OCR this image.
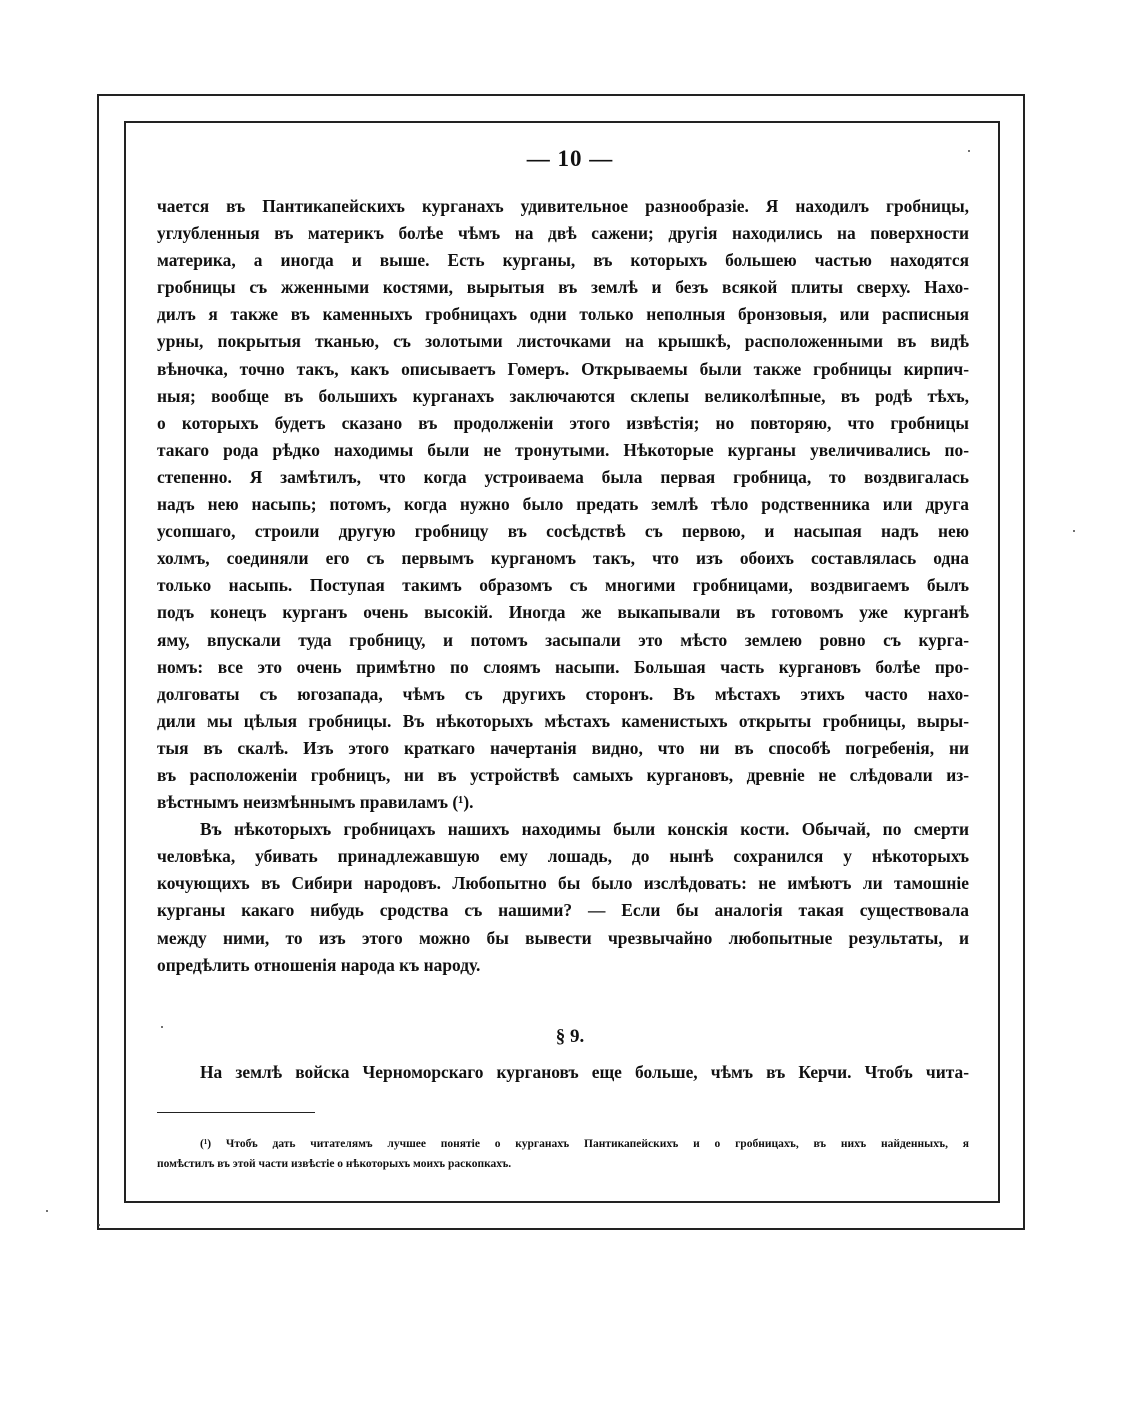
— 10 —
чается въ Пантикапейскихъ курганахъ удивительное разнообразіе. Я находилъ гробницы,
углубленныя въ материкъ болѣе чѣмъ на двѣ сажени; другія находились на поверхности
материка, а иногда и выше. Есть курганы, въ которыхъ большею частью находятся
гробницы съ жженными костями, вырытыя въ землѣ и безъ всякой плиты сверху. Нахо-
дилъ я также въ каменныхъ гробницахъ одни только неполныя бронзовыя, или расписныя
урны, покрытыя тканью, съ золотыми листочками на крышкѣ, расположенными въ видѣ
вѣночка, точно такъ, какъ описываетъ Гомеръ. Открываемы были также гробницы кирпич-
ныя; вообще въ большихъ курганахъ заключаются склепы великолѣпные, въ родѣ тѣхъ,
о которыхъ будетъ сказано въ продолженіи этого извѣстія; но повторяю, что гробницы
такаго рода рѣдко находимы были не тронутыми. Нѣкоторые курганы увеличивались по-
степенно. Я замѣтилъ, что когда устроиваема была первая гробница, то воздвигалась
надъ нею насыпь; потомъ, когда нужно было предать землѣ тѣло родственника или друга
усопшаго, строили другую гробницу въ сосѣдствѣ съ первою, и насыпая надъ нею
холмъ, соединяли его съ первымъ курганомъ такъ, что изъ обоихъ составлялась одна
только насыпь. Поступая такимъ образомъ съ многими гробницами, воздвигаемъ былъ
подъ конецъ курганъ очень высокій. Иногда же выкапывали въ готовомъ уже курганѣ
яму, впускали туда гробницу, и потомъ засыпали это мѣсто землею ровно съ курга-
номъ: все это очень примѣтно по слоямъ насыпи. Большая часть кургановъ болѣе про-
долговаты съ югозапада, чѣмъ съ другихъ сторонъ. Въ мѣстахъ этихъ часто нахо-
дили мы цѣлыя гробницы. Въ нѣкоторыхъ мѣстахъ каменистыхъ открыты гробницы, выры-
тыя въ скалѣ. Изъ этого краткаго начертанія видно, что ни въ способѣ погребенія, ни
въ расположеніи гробницъ, ни въ устройствѣ самыхъ кургановъ, древніе не слѣдовали из-
вѣстнымъ неизмѣннымъ правиламъ (¹).
Въ нѣкоторыхъ гробницахъ нашихъ находимы были конскія кости. Обычай, по смерти
человѣка, убивать принадлежавшую ему лошадь, до нынѣ сохранился у нѣкоторыхъ
кочующихъ въ Сибири народовъ. Любопытно бы было изслѣдовать: не имѣютъ ли тамошніе
курганы какаго нибудь сродства съ нашими? — Если бы аналогія такая существовала
между ними, то изъ этого можно бы вывести чрезвычайно любопытные результаты, и
опредѣлить отношенія народа къ народу.
§ 9.
На землѣ войска Черноморскаго кургановъ еще больше, чѣмъ въ Керчи. Чтобъ чита-
(¹) Чтобъ дать читателямъ лучшее понятіе о курганахъ Пантикапейскихъ и о гробницахъ, въ нихъ найденныхъ, я
помѣстилъ въ этой части извѣстіе о нѣкоторыхъ моихъ раскопкахъ.
